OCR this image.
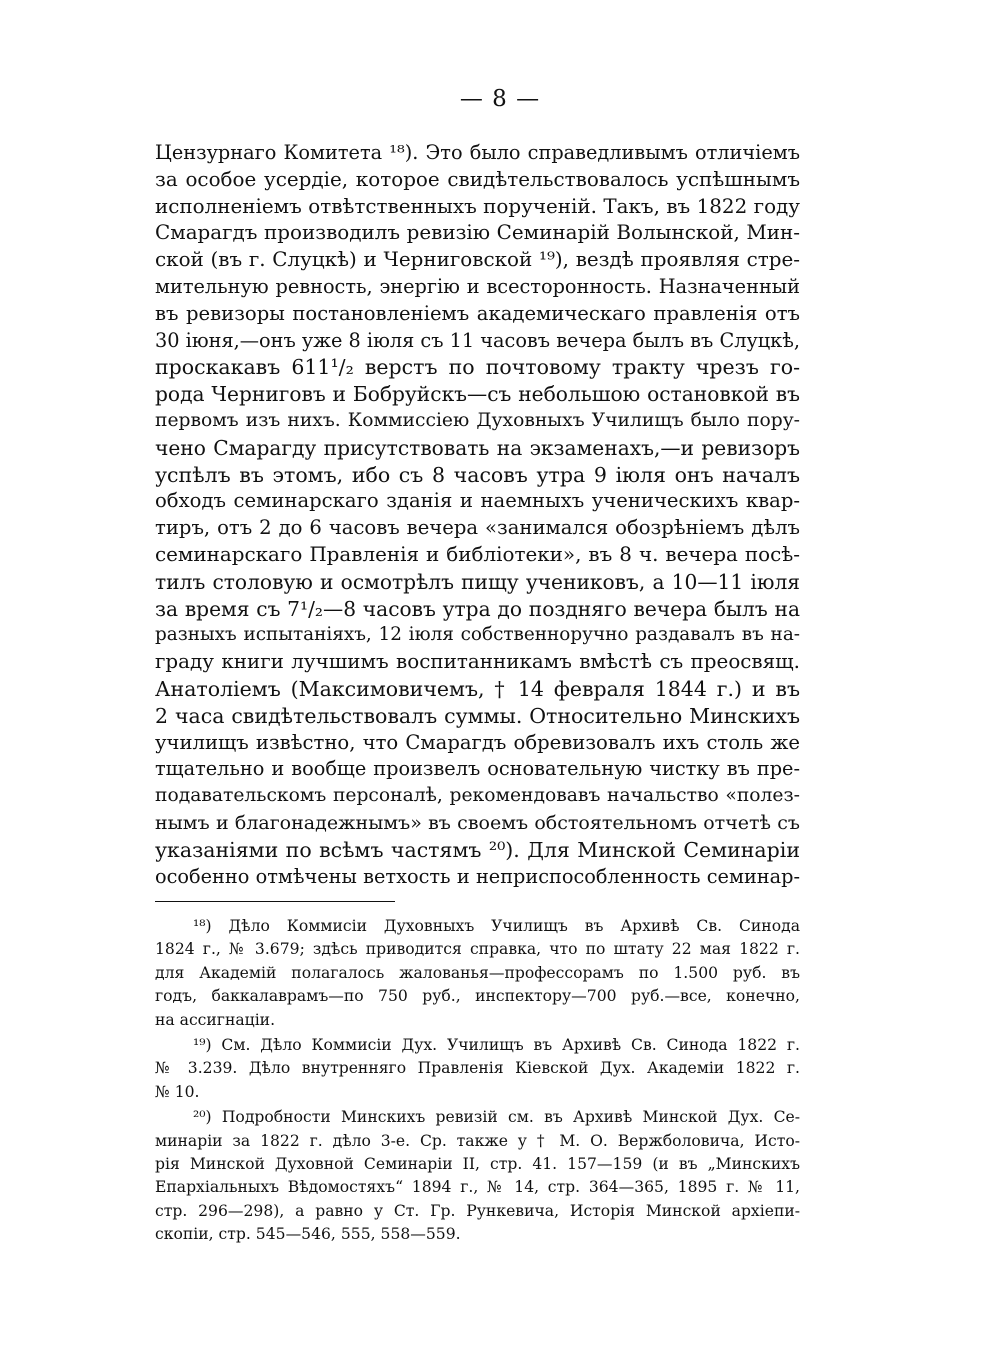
— 8 —
Цензурнаго Комитета ¹⁸). Это было справедливымъ отличіемъ
за особое усердіе, которое свидѣтельствовалось успѣшнымъ
исполненіемъ отвѣтственныхъ порученій. Такъ, въ 1822 году
Смарагдъ производилъ ревизію Семинарій Волынской, Мин-
ской (въ г. Слуцкѣ) и Черниговской ¹⁹), вездѣ проявляя стре-
мительную ревность, энергію и всесторонность. Назначенный
въ ревизоры постановленіемъ академическаго правленія отъ
30 іюня,—онъ уже 8 іюля съ 11 часовъ вечера былъ въ Слуцкѣ,
проскакавъ 611¹/₂ верстъ по почтовому тракту чрезъ го-
рода Черниговъ и Бобруйскъ—съ небольшою остановкой въ
первомъ изъ нихъ. Коммиссіею Духовныхъ Училищъ было пору-
чено Смарагду присутствовать на экзаменахъ,—и ревизоръ
успѣлъ въ этомъ, ибо съ 8 часовъ утра 9 іюля онъ началъ
обходъ семинарскаго зданія и наемныхъ ученическихъ квар-
тиръ, отъ 2 до 6 часовъ вечера «занимался обозрѣніемъ дѣлъ
семинарскаго Правленія и библіотеки», въ 8 ч. вечера посѣ-
тилъ столовую и осмотрѣлъ пищу учениковъ, а 10—11 іюля
за время съ 7¹/₂—8 часовъ утра до поздняго вечера былъ на
разныхъ испытаніяхъ, 12 іюля собственноручно раздавалъ въ на-
граду книги лучшимъ воспитанникамъ вмѣстѣ съ преосвящ.
Анатоліемъ (Максимовичемъ, † 14 февраля 1844 г.) и въ
2 часа свидѣтельствовалъ суммы. Относительно Минскихъ
училищъ извѣстно, что Смарагдъ обревизовалъ ихъ столь же
тщательно и вообще произвелъ основательную чистку въ пре-
подавательскомъ персоналѣ, рекомендовавъ начальство «полез-
нымъ и благонадежнымъ» въ своемъ обстоятельномъ отчетѣ съ
указаніями по всѣмъ частямъ ²⁰). Для Минской Семинаріи
особенно отмѣчены ветхость и неприспособленность семинар-
¹⁸) Дѣло Коммисіи Духовныхъ Училищъ въ Архивѣ Св. Синода
1824 г., № 3.679; здѣсь приводится справка, что по штату 22 мая 1822 г.
для Академій полагалось жалованья—профессорамъ по 1.500 руб. въ
годъ, баккалаврамъ—по 750 руб., инспектору—700 руб.—все, конечно,
на ассигнаціи.
¹⁹) См. Дѣло Коммисіи Дух. Училищъ въ Архивѣ Св. Синода 1822 г.
№ 3.239. Дѣло внутренняго Правленія Кіевской Дух. Академіи 1822 г.
№ 10.
²⁰) Подробности Минскихъ ревизій см. въ Архивѣ Минской Дух. Се-
минаріи за 1822 г. дѣло 3-е. Ср. также у † М. О. Вержболовича, Исто-
рія Минской Духовной Семинаріи II, стр. 41. 157—159 (и въ „Минскихъ
Епархіальныхъ Вѣдомостяхъ“ 1894 г., № 14, стр. 364—365, 1895 г. № 11,
стр. 296—298), а равно у Ст. Гр. Рункевича, Исторія Минской архіепи-
скопіи, стр. 545—546, 555, 558—559.
